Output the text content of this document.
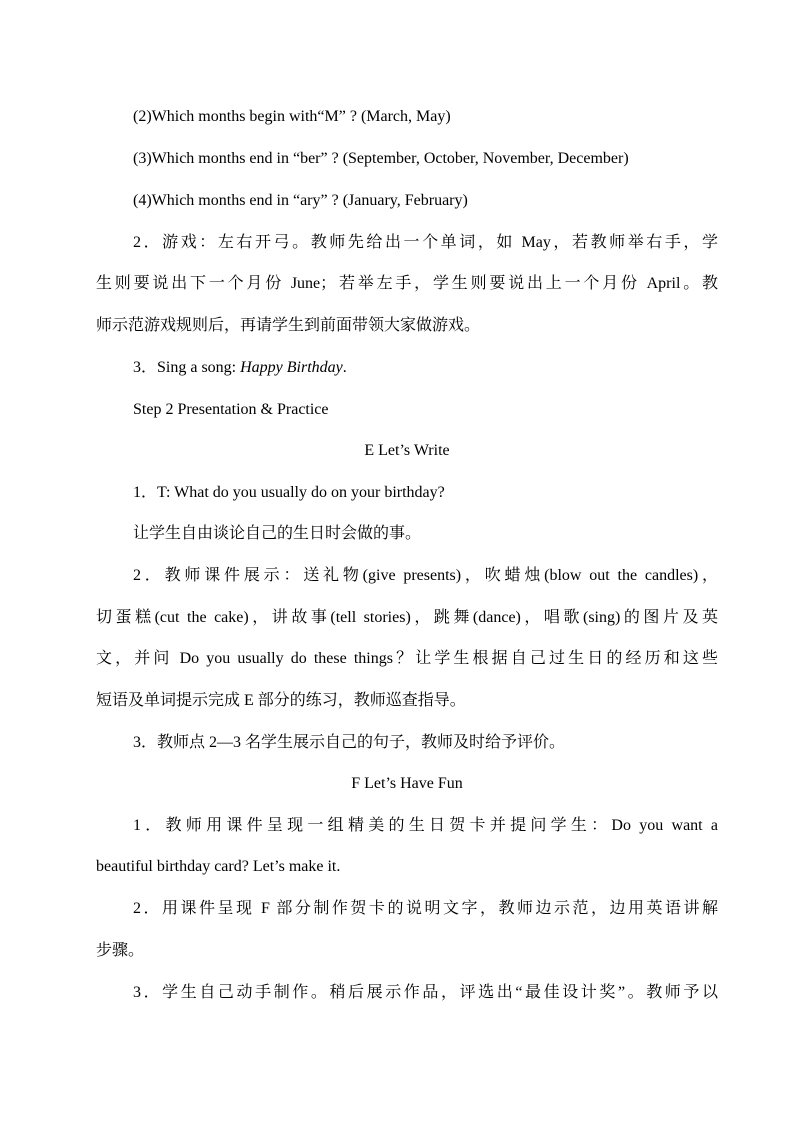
(2)Which months begin with“M” ? (March, May)
(3)Which months end in “ber” ? (September, October, November, December)
(4)Which months end in “ary” ? (January, February)
2．游戏：左右开弓。教师先给出一个单词，如 May，若教师举右手，学
生则要说出下一个月份 June；若举左手，学生则要说出上一个月份 April。教
师示范游戏规则后，再请学生到前面带领大家做游戏。
3．Sing a song: Happy Birthday.
Step 2 Presentation & Practice
E Let’s Write
1．T: What do you usually do on your birthday?
让学生自由谈论自己的生日时会做的事。
2．教师课件展示：送礼物(give presents)，吹蜡烛(blow out the candles)，
切蛋糕(cut the cake)，讲故事(tell stories)，跳舞(dance)，唱歌(sing)的图片及英
文，并问 Do you usually do these things？让学生根据自己过生日的经历和这些
短语及单词提示完成 E 部分的练习，教师巡查指导。
3．教师点 2—3 名学生展示自己的句子，教师及时给予评价。
F Let’s Have Fun
1．教师用课件呈现一组精美的生日贺卡并提问学生：Do you want a
beautiful birthday card? Let’s make it.
2．用课件呈现 F 部分制作贺卡的说明文字，教师边示范，边用英语讲解
步骤。
3．学生自己动手制作。稍后展示作品，评选出“最佳设计奖”。教师予以
